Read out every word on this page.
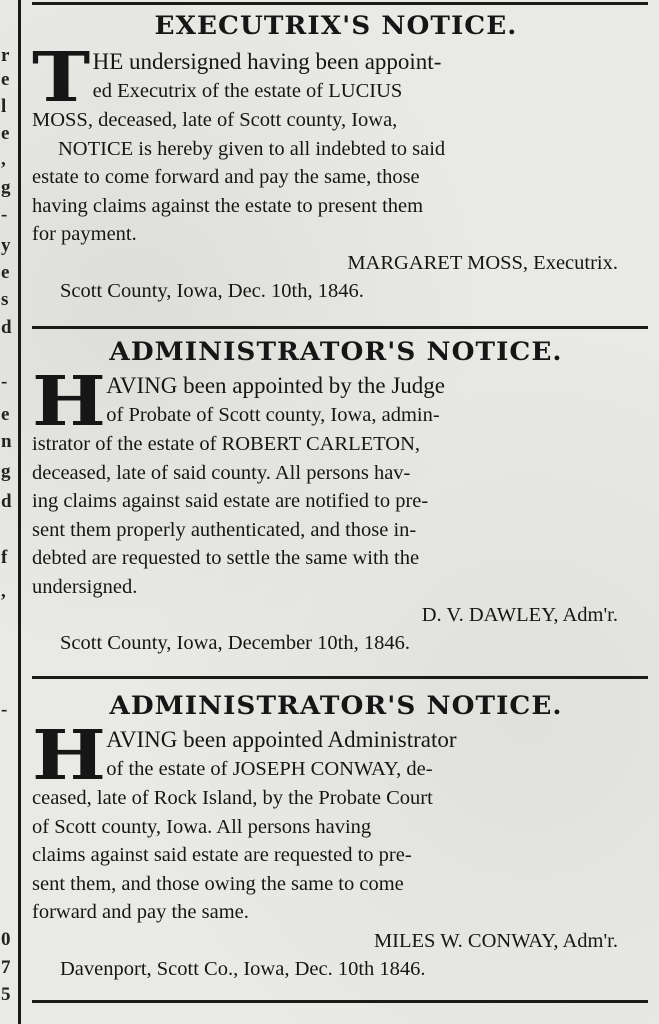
r
e
l
e
,
g
-
y
e
s
d
-
e
n
g
d
f
,
-
0
7
5
EXECUTRIX'S NOTICE.
T HE undersigned having been appoint-
ed Executrix of the estate of LUCIUS
MOSS, deceased, late of Scott county, Iowa,
NOTICE is hereby given to all indebted to said
estate to come forward and pay the same, those
having claims against the estate to present them
for payment.

MARGARET MOSS, Executrix.

Scott County, Iowa, Dec. 10th, 1846.

ADMINISTRATOR'S NOTICE.
H AVING been appointed by the Judge
of Probate of Scott county, Iowa, admin-
istrator of the estate of ROBERT CARLETON,
deceased, late of said county. All persons hav-
ing claims against said estate are notified to pre-
sent them properly authenticated, and those in-
debted are requested to settle the same with the
undersigned.

D. V. DAWLEY, Adm'r.

Scott County, Iowa, December 10th, 1846.

ADMINISTRATOR'S NOTICE.
H AVING been appointed Administrator
of the estate of JOSEPH CONWAY, de-
ceased, late of Rock Island, by the Probate Court
of Scott county, Iowa. All persons having
claims against said estate are requested to pre-
sent them, and those owing the same to come
forward and pay the same.

MILES W. CONWAY, Adm'r.

Davenport, Scott Co., Iowa, Dec. 10th 1846.
